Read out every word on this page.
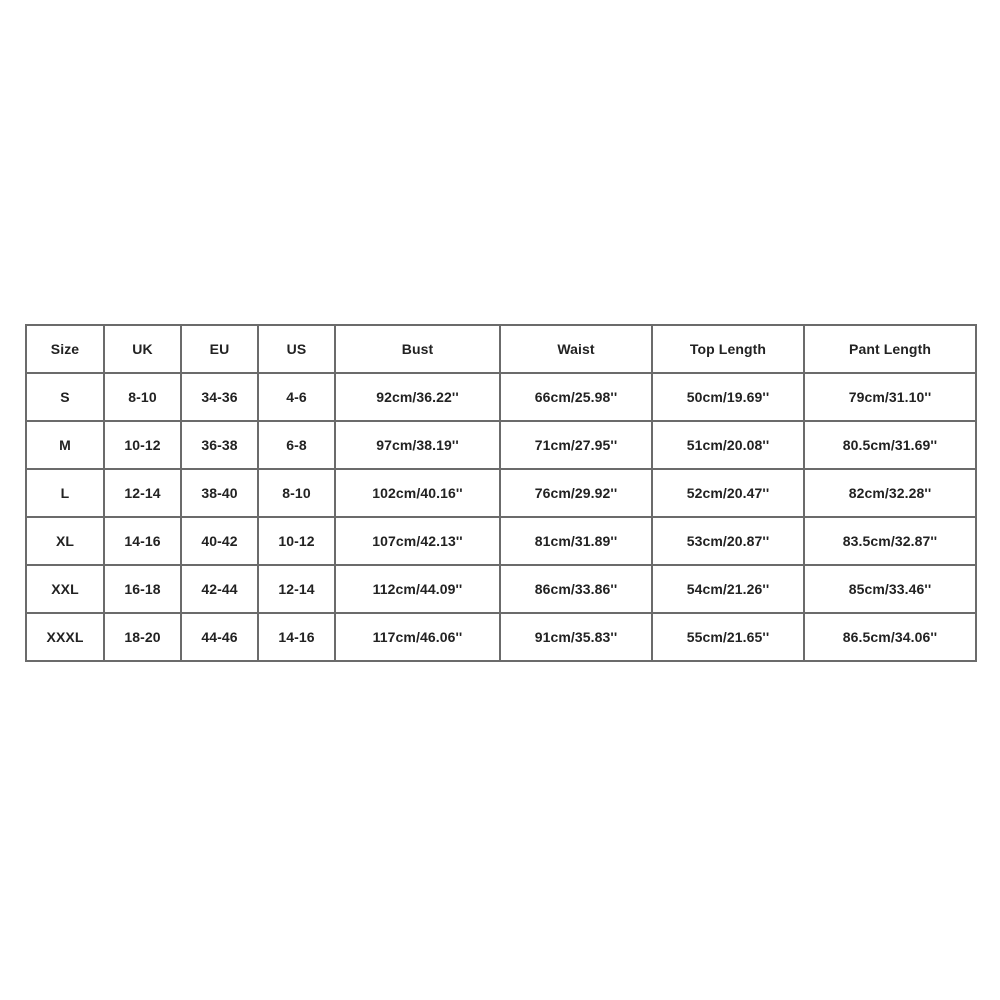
Size	UK	EU	US	Bust	Waist	Top Length	Pant Length
S	8-10	34-36	4-6	92cm/36.22''	66cm/25.98''	50cm/19.69''	79cm/31.10''
M	10-12	36-38	6-8	97cm/38.19''	71cm/27.95''	51cm/20.08''	80.5cm/31.69''
L	12-14	38-40	8-10	102cm/40.16''	76cm/29.92''	52cm/20.47''	82cm/32.28''
XL	14-16	40-42	10-12	107cm/42.13''	81cm/31.89''	53cm/20.87''	83.5cm/32.87''
XXL	16-18	42-44	12-14	112cm/44.09''	86cm/33.86''	54cm/21.26''	85cm/33.46''
XXXL	18-20	44-46	14-16	117cm/46.06''	91cm/35.83''	55cm/21.65''	86.5cm/34.06''
